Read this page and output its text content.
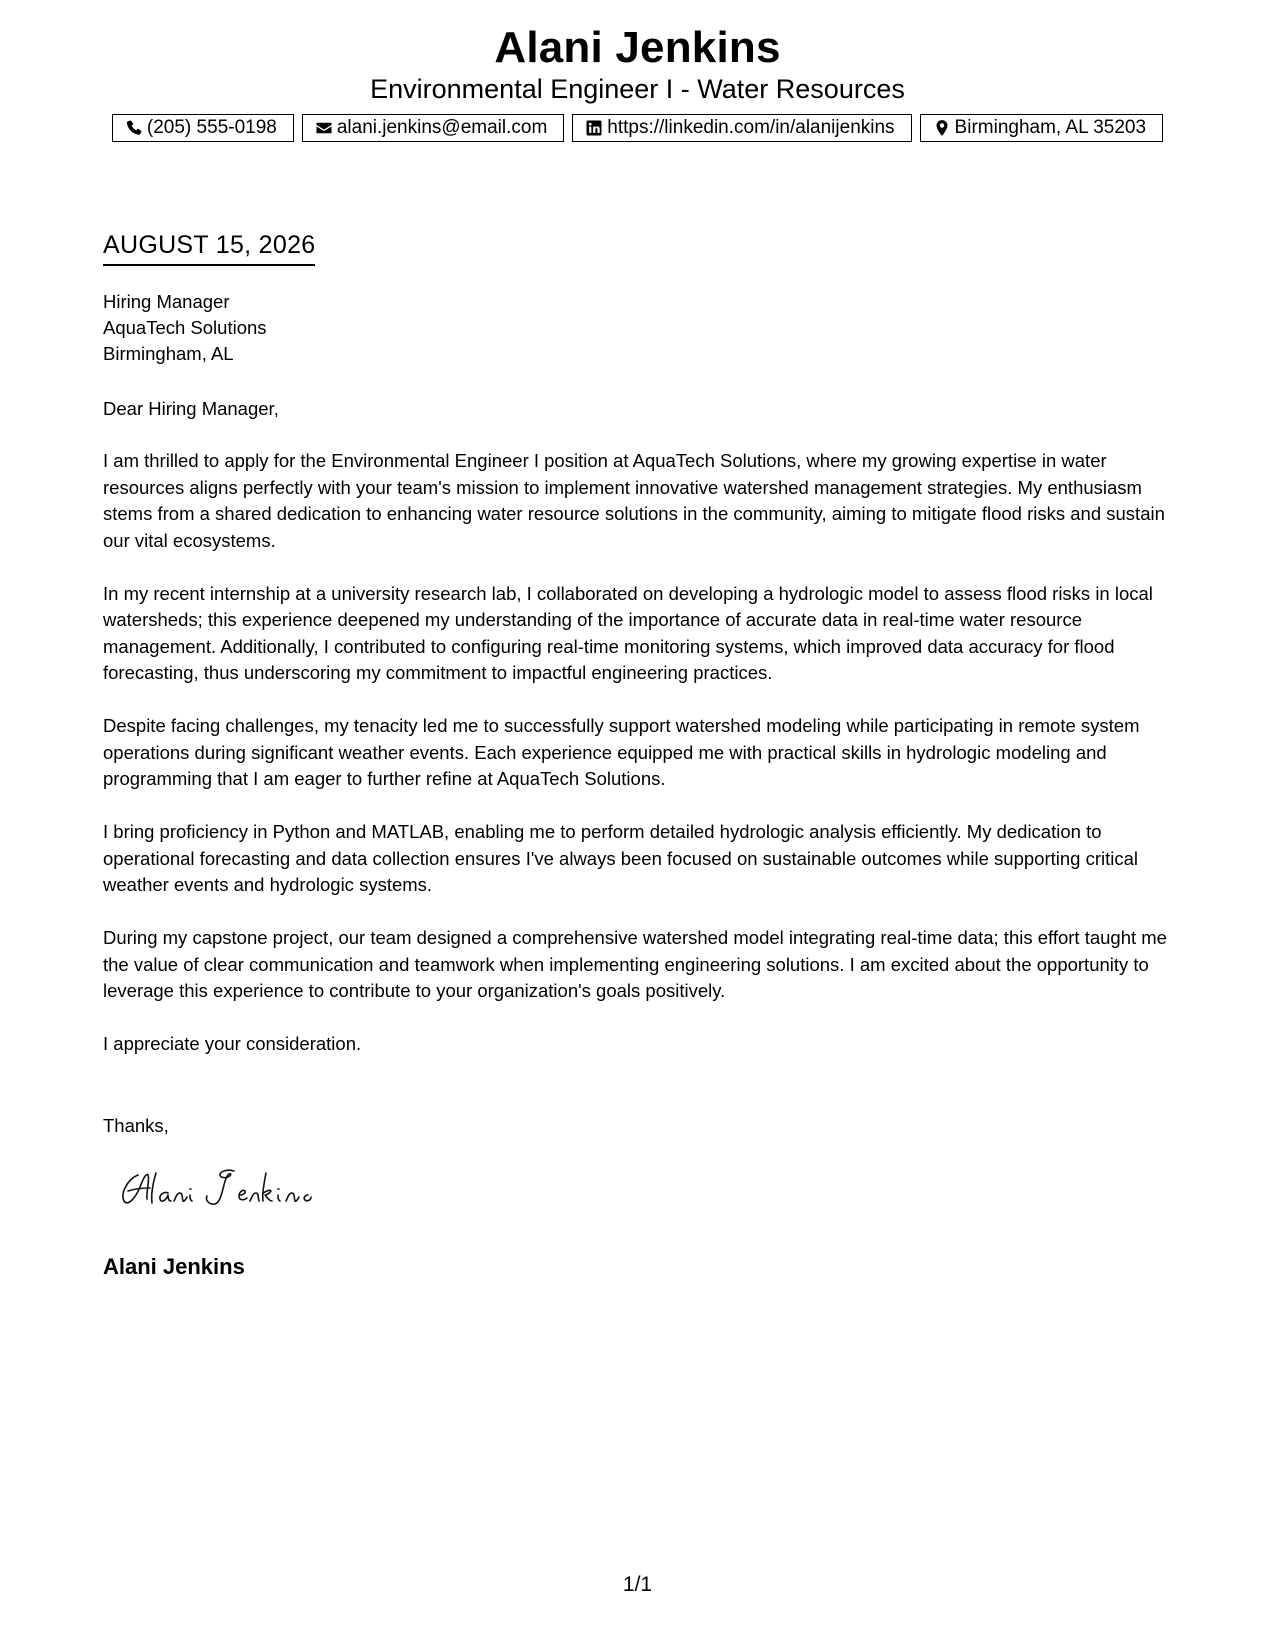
Alani Jenkins
Environmental Engineer I - Water Resources
(205) 555-0198	alani.jenkins@email.com	https://linkedin.com/in/alanijenkins	Birmingham, AL 35203
AUGUST 15, 2026
Hiring Manager
AquaTech Solutions
Birmingham, AL
Dear Hiring Manager,

I am thrilled to apply for the Environmental Engineer I position at AquaTech Solutions, where my growing expertise in water resources aligns perfectly with your team's mission to implement innovative watershed management strategies. My enthusiasm stems from a shared dedication to enhancing water resource solutions in the community, aiming to mitigate flood risks and sustain our vital ecosystems.

In my recent internship at a university research lab, I collaborated on developing a hydrologic model to assess flood risks in local watersheds; this experience deepened my understanding of the importance of accurate data in real-time water resource management. Additionally, I contributed to configuring real-time monitoring systems, which improved data accuracy for flood forecasting, thus underscoring my commitment to impactful engineering practices.

Despite facing challenges, my tenacity led me to successfully support watershed modeling while participating in remote system operations during significant weather events. Each experience equipped me with practical skills in hydrologic modeling and programming that I am eager to further refine at AquaTech Solutions.

I bring proficiency in Python and MATLAB, enabling me to perform detailed hydrologic analysis efficiently. My dedication to operational forecasting and data collection ensures I've always been focused on sustainable outcomes while supporting critical weather events and hydrologic systems.

During my capstone project, our team designed a comprehensive watershed model integrating real-time data; this effort taught me the value of clear communication and teamwork when implementing engineering solutions. I am excited about the opportunity to leverage this experience to contribute to your organization's goals positively.

I appreciate your consideration.

Thanks,
Alani Jenkins
1/1
